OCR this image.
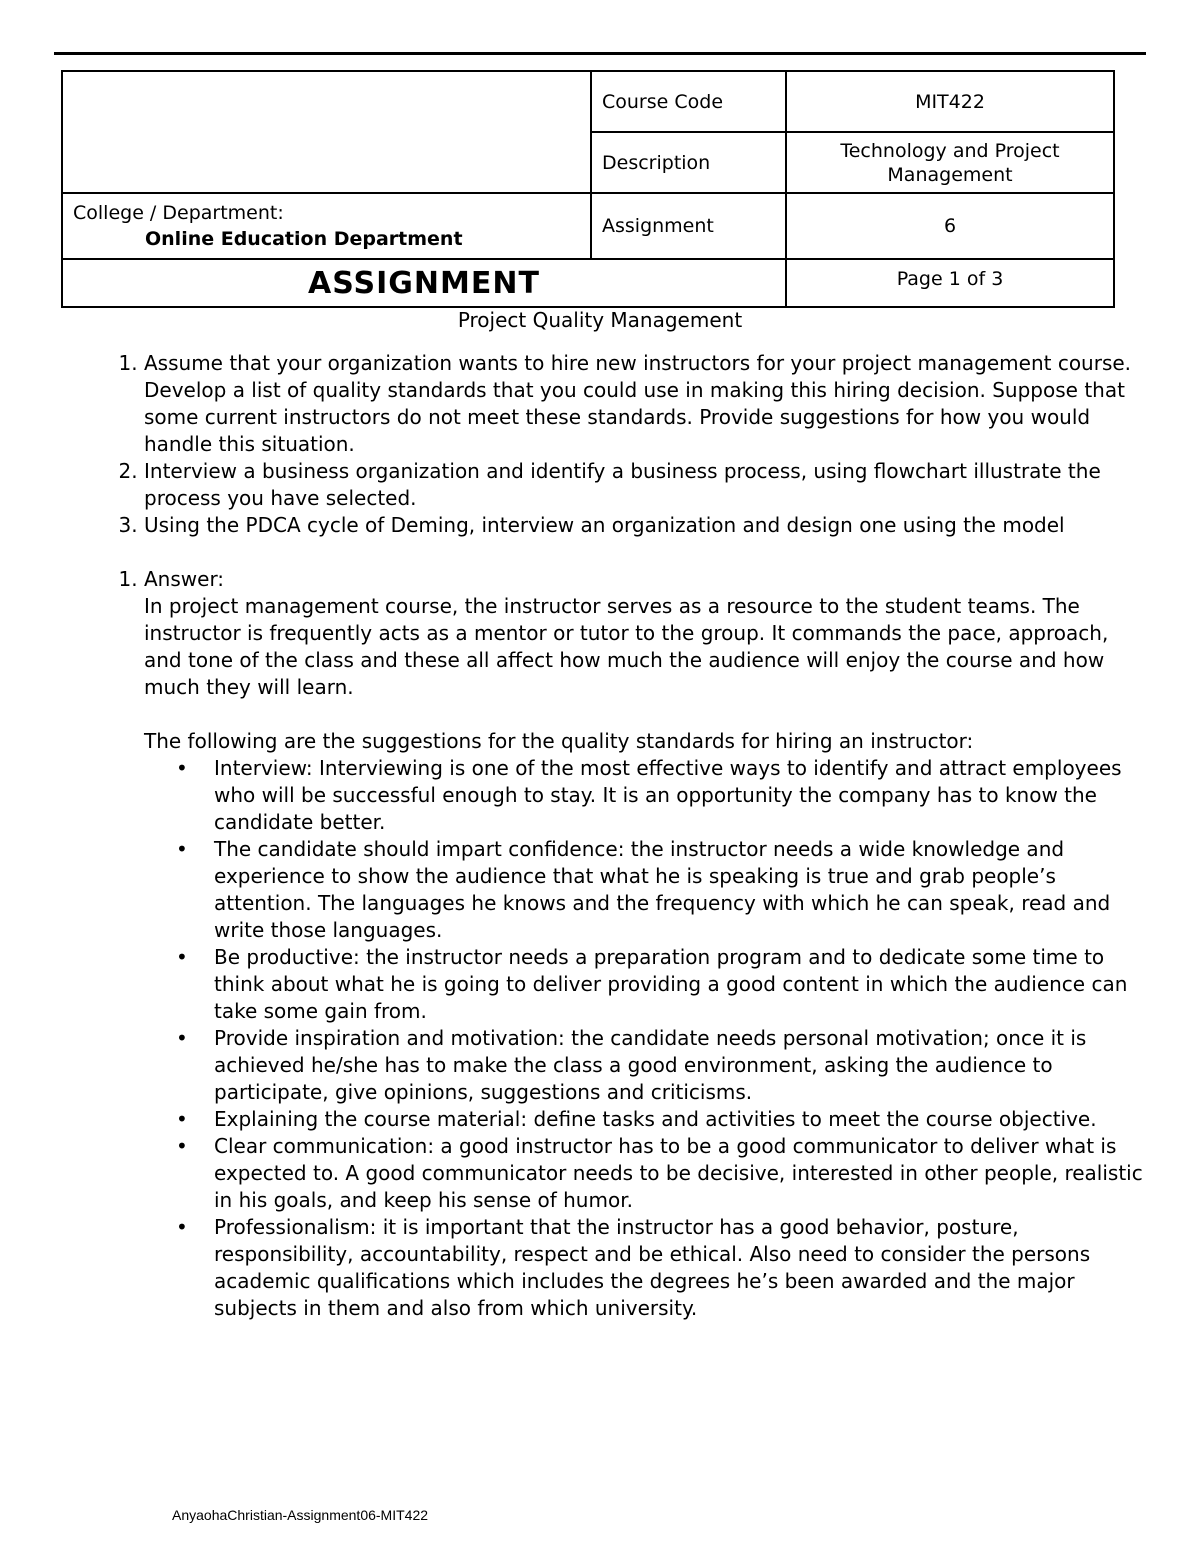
	Course Code	MIT422
	Description	Technology and Project Management

College / Department:
Online Education Department	Assignment	6
ASSIGNMENT		Page 1 of 3
Project Quality Management
1. Assume that your organization wants to hire new instructors for your project management course. Develop a list of quality standards that you could use in making this hiring decision. Suppose that some current instructors do not meet these standards. Provide suggestions for how you would handle this situation.
2. Interview a business organization and identify a business process, using flowchart illustrate the process you have selected.
3. Using the PDCA cycle of Deming, interview an organization and design one using the model
1. Answer:
In project management course, the instructor serves as a resource to the student teams. The instructor is frequently acts as a mentor or tutor to the group. It commands the pace, approach, and tone of the class and these all affect how much the audience will enjoy the course and how much they will learn.
The following are the suggestions for the quality standards for hiring an instructor:
• Interview: Interviewing is one of the most effective ways to identify and attract employees who will be successful enough to stay. It is an opportunity the company has to know the candidate better.
• The candidate should impart confidence: the instructor needs a wide knowledge and experience to show the audience that what he is speaking is true and grab people’s attention. The languages he knows and the frequency with which he can speak, read and write those languages.
• Be productive: the instructor needs a preparation program and to dedicate some time to think about what he is going to deliver providing a good content in which the audience can take some gain from.
• Provide inspiration and motivation: the candidate needs personal motivation; once it is achieved he/she has to make the class a good environment, asking the audience to participate, give opinions, suggestions and criticisms.
• Explaining the course material: define tasks and activities to meet the course objective.
• Clear communication: a good instructor has to be a good communicator to deliver what is expected to. A good communicator needs to be decisive, interested in other people, realistic in his goals, and keep his sense of humor.
• Professionalism: it is important that the instructor has a good behavior, posture, responsibility, accountability, respect and be ethical. Also need to consider the persons academic qualifications which includes the degrees he’s been awarded and the major subjects in them and also from which university.
AnyaohaChristian-Assignment06-MIT422
